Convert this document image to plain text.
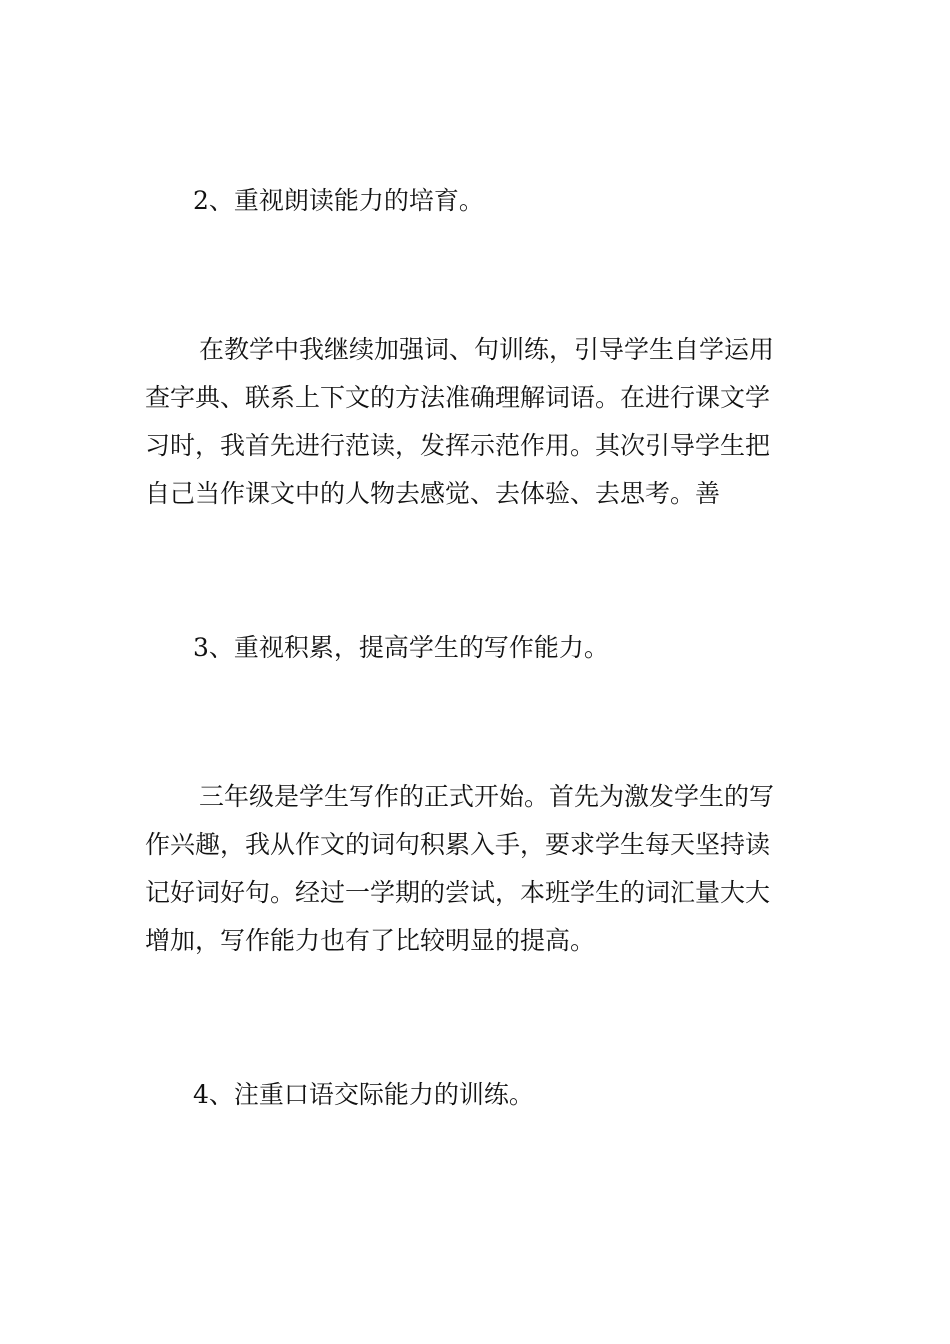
2、重视朗读能力的培育。
在教学中我继续加强词、句训练，引导学生自学运用
查字典、联系上下文的方法准确理解词语。在进行课文学
习时，我首先进行范读，发挥示范作用。其次引导学生把
自己当作课文中的人物去感觉、去体验、去思考。善
3、重视积累，提高学生的写作能力。
三年级是学生写作的正式开始。首先为激发学生的写
作兴趣，我从作文的词句积累入手，要求学生每天坚持读
记好词好句。经过一学期的尝试，本班学生的词汇量大大
增加，写作能力也有了比较明显的提高。
4、注重口语交际能力的训练。
